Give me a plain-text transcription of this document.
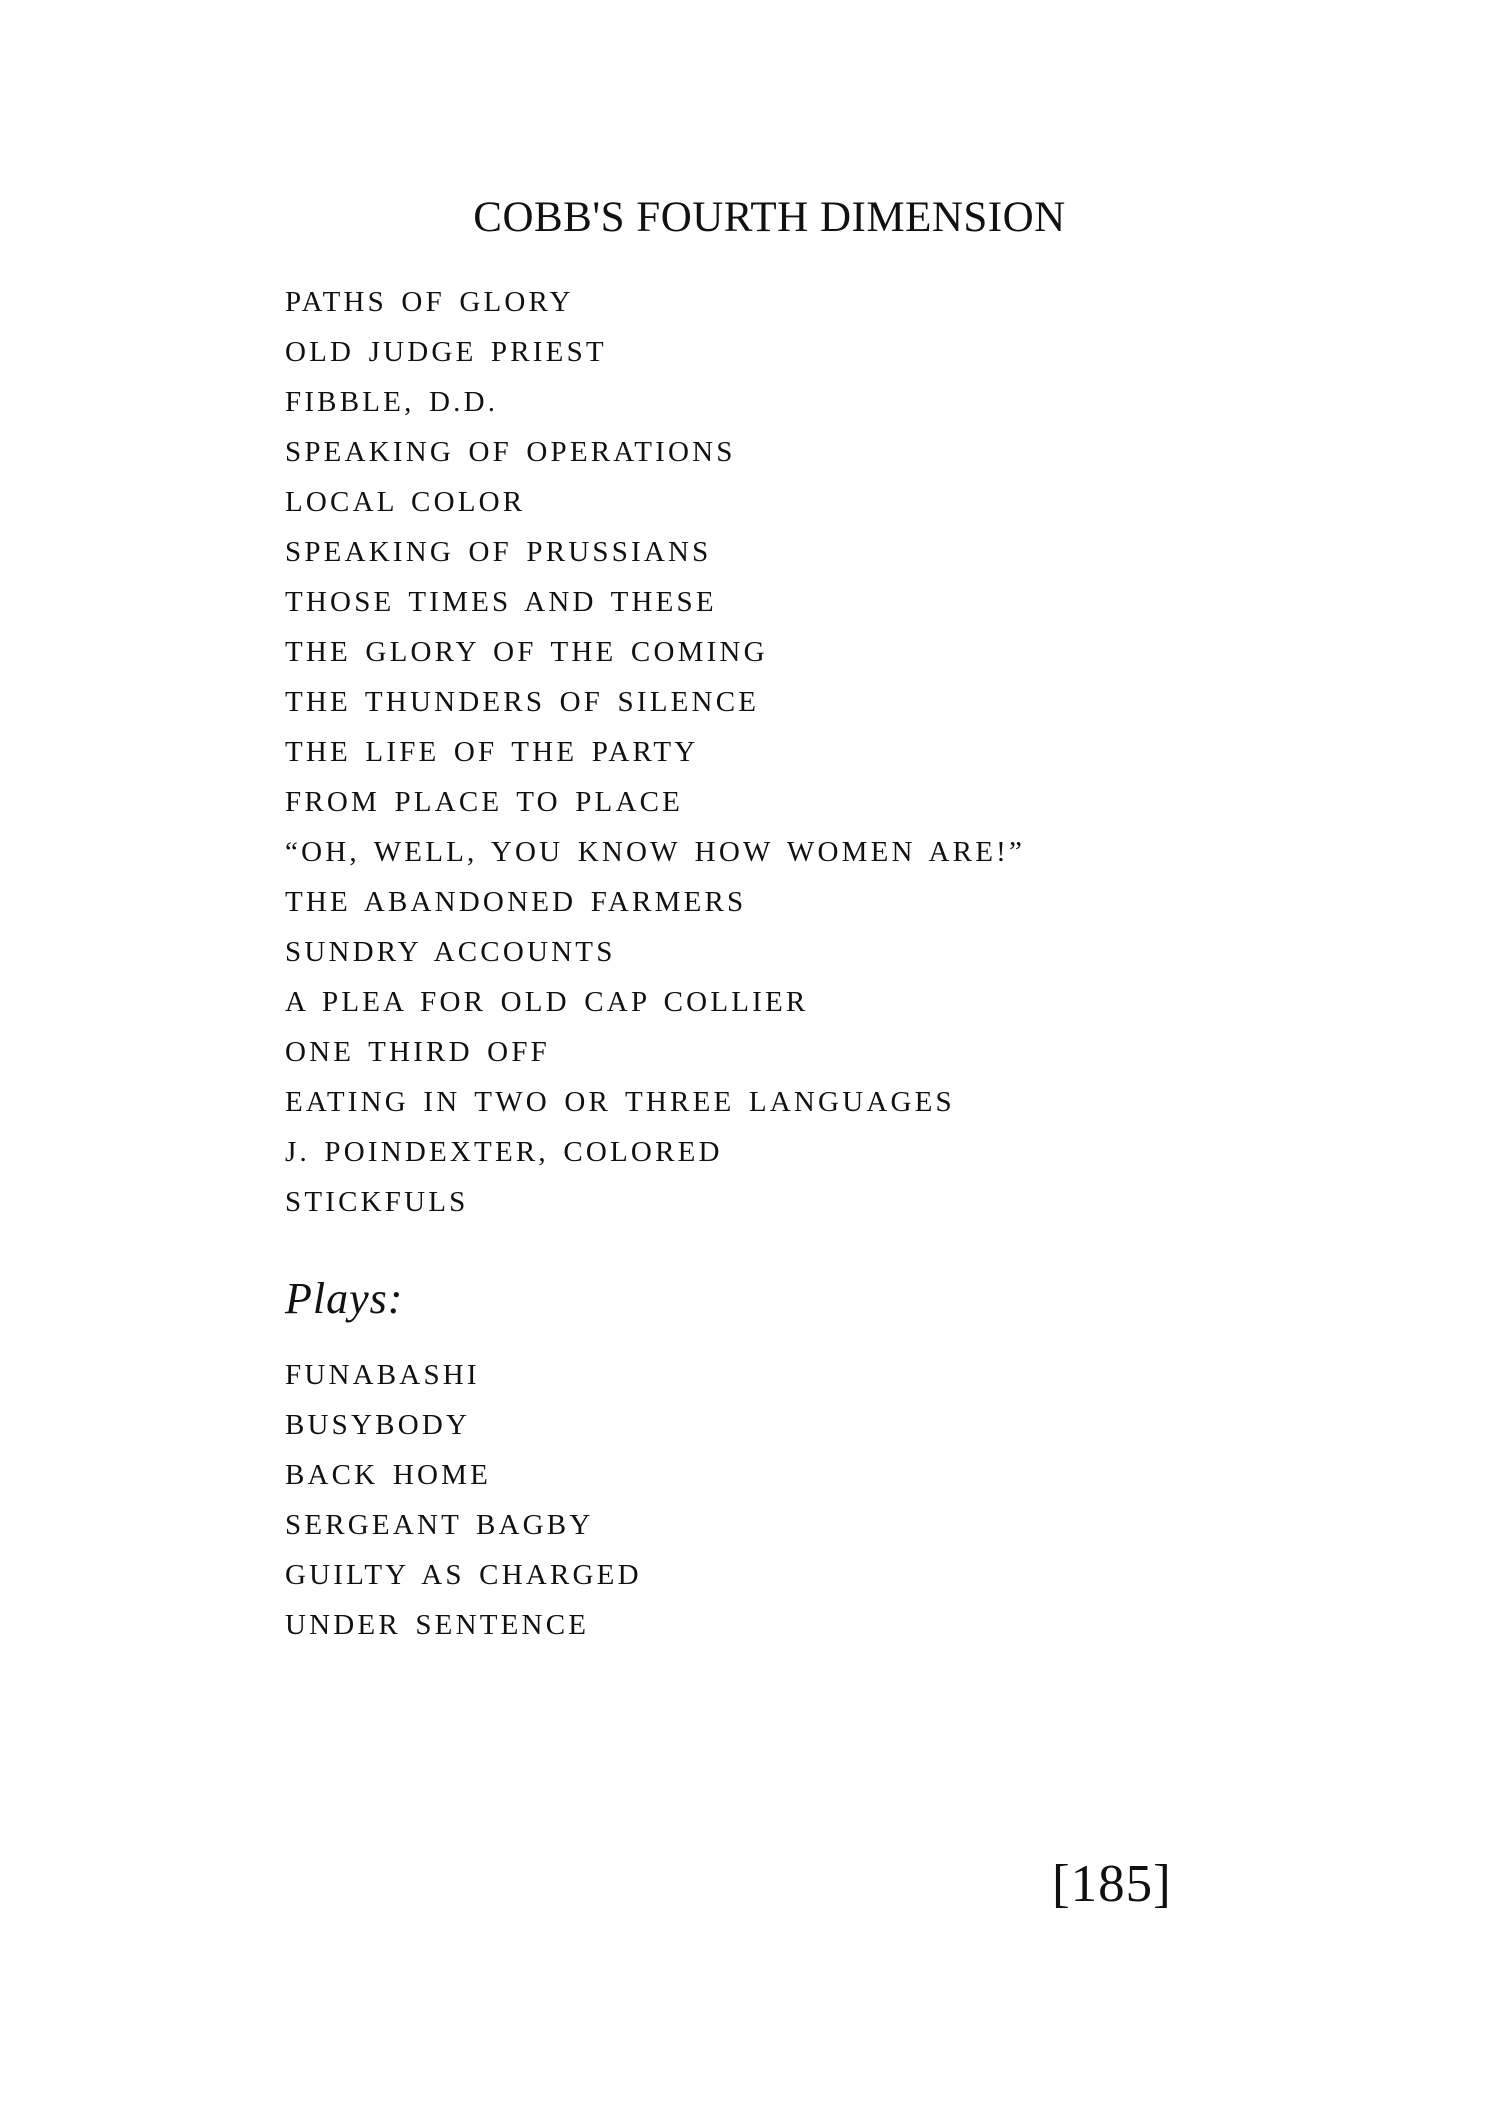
COBB'S FOURTH DIMENSION
PATHS OF GLORY
OLD JUDGE PRIEST
FIBBLE, D.D.
SPEAKING OF OPERATIONS
LOCAL COLOR
SPEAKING OF PRUSSIANS
THOSE TIMES AND THESE
THE GLORY OF THE COMING
THE THUNDERS OF SILENCE
THE LIFE OF THE PARTY
FROM PLACE TO PLACE
“OH, WELL, YOU KNOW HOW WOMEN ARE!”
THE ABANDONED FARMERS
SUNDRY ACCOUNTS
A PLEA FOR OLD CAP COLLIER
ONE THIRD OFF
EATING IN TWO OR THREE LANGUAGES
J. POINDEXTER, COLORED
STICKFULS
Plays:
FUNABASHI
BUSYBODY
BACK HOME
SERGEANT BAGBY
GUILTY AS CHARGED
UNDER SENTENCE
[185]
